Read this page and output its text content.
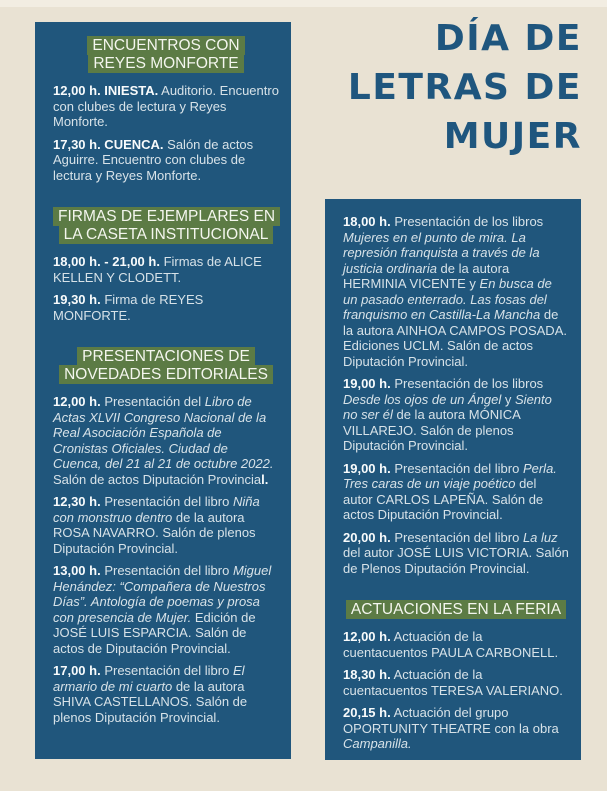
DÍA DE
LETRAS DE
MUJER
ENCUENTROS CON
REYES MONFORTE

12,00 h. INIESTA. Auditorio. Encuentro con clubes de lectura y Reyes Monforte.

17,30 h. CUENCA. Salón de actos Aguirre. Encuentro con clubes de lectura y Reyes Monforte.

FIRMAS DE EJEMPLARES EN
LA CASETA INSTITUCIONAL

18,00 h. - 21,00 h. Firmas de ALICE KELLEN Y CLODETT.

19,30 h. Firma de REYES MONFORTE.

PRESENTACIONES DE
NOVEDADES EDITORIALES

12,00 h. Presentación del Libro de Actas XLVII Congreso Nacional de la Real Asociación Española de Cronistas Oficiales. Ciudad de Cuenca, del 21 al 21 de octubre 2022. Salón de actos Diputación Provincial.

12,30 h. Presentación del libro Niña con monstruo dentro de la autora ROSA NAVARRO. Salón de plenos Diputación Provincial.

13,00 h. Presentación del libro Miguel Henández: “Compañera de Nuestros Días”. Antología de poemas y prosa con presencia de Mujer. Edición de JOSÉ LUIS ESPARCIA. Salón de actos de Diputación Provincial.

17,00 h. Presentación del libro El armario de mi cuarto de la autora SHIVA CASTELLANOS. Salón de plenos Diputación Provincial.

18,00 h. Presentación de los libros Mujeres en el punto de mira. La represión franquista a través de la justicia ordinaria de la autora HERMINIA VICENTE y En busca de un pasado enterrado. Las fosas del franquismo en Castilla-La Mancha de la autora AINHOA CAMPOS POSADA. Ediciones UCLM. Salón de actos Diputación Provincial.

19,00 h. Presentación de los libros Desde los ojos de un Ángel y Siento no ser él de la autora MÓNICA VILLAREJO. Salón de plenos Diputación Provincial.

19,00 h. Presentación del libro Perla. Tres caras de un viaje poético del autor CARLOS LAPEÑA. Salón de actos Diputación Provincial.

20,00 h. Presentación del libro La luz del autor JOSÉ LUIS VICTORIA. Salón de Plenos Diputación Provincial.

ACTUACIONES EN LA FERIA

12,00 h. Actuación de la cuentacuentos PAULA CARBONELL.

18,30 h. Actuación de la cuentacuentos TERESA VALERIANO.

20,15 h. Actuación del grupo OPORTUNITY THEATRE con la obra Campanilla.
